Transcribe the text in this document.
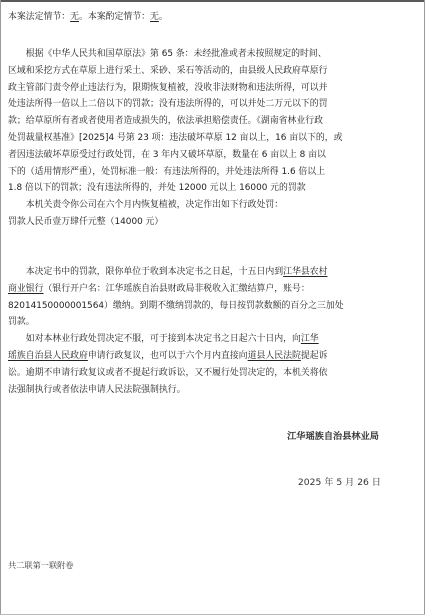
本案法定情节：无。本案酌定情节：无。
　　根据《中华人民共和国草原法》第 65 条：未经批准或者未按照规定的时间、
区域和采挖方式在草原上进行采土、采砂、采石等活动的，由县级人民政府草原行
政主管部门责令停止违法行为，限期恢复植被，没收非法财物和违法所得，可以并
处违法所得一倍以上二倍以下的罚款；没有违法所得的，可以并处二万元以下的罚
款；给草原所有者或者使用者造成损失的，依法承担赔偿责任。《湖南省林业行政
处罚裁量权基准》[2025]4 号第 23 项：违法破坏草原 12 亩以上，16 亩以下的，或
者因违法破坏草原受过行政处罚，在 3 年内又破坏草原，数量在 6 亩以上 8 亩以
下的（适用情形严重），处罚标准一般：有违法所得的，并处违法所得 1.6 倍以上
1.8 倍以下的罚款；没有违法所得的，并处 12000 元以上 16000 元的罚款
　　本机关责令你公司在六个月内恢复植被，决定作出如下行政处罚：
罚款人民币壹万肆仟元整（14000 元）
　　本决定书中的罚款，限你单位于收到本决定书之日起，十五日内到江华县农村
商业银行（银行开户名：江华瑶族自治县财政局非税收入汇缴结算户，账号：
82014150000001564）缴纳。到期不缴纳罚款的，每日按罚款数额的百分之三加处
罚款。
　　如对本林业行政处罚决定不服，可于接到本决定书之日起六十日内，向江华
瑶族自治县人民政府申请行政复议，也可以于六个月内直接向道县人民法院提起诉
讼。逾期不申请行政复议或者不提起行政诉讼，又不履行处罚决定的，本机关将依
法强制执行或者依法申请人民法院强制执行。
江华瑶族自治县林业局
2025 年 5 月 26 日
共二联第一联附卷
